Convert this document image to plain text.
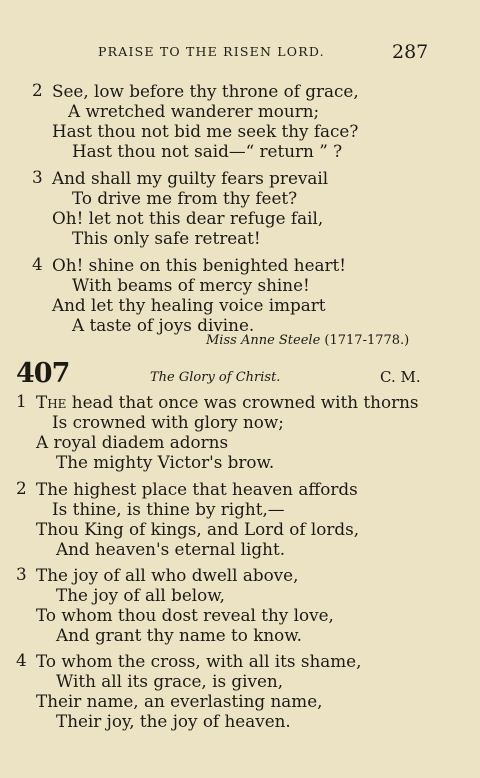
PRAISE TO THE RISEN LORD.	287
2 See, low before thy throne of grace,
A wretched wanderer mourn;
Hast thou not bid me seek thy face?
Hast thou not said—“ return ” ?
3 And shall my guilty fears prevail
To drive me from thy feet?
Oh! let not this dear refuge fail,
This only safe retreat!
4 Oh! shine on this benighted heart!
With beams of mercy shine!
And let thy healing voice impart
A taste of joys divine.
Miss Anne Steele (1717-1778.)
407	The Glory of Christ.	C. M.
1 The head that once was crowned with thorns
Is crowned with glory now;
A royal diadem adorns
The mighty Victor's brow.
2 The highest place that heaven affords
Is thine, is thine by right,—
Thou King of kings, and Lord of lords,
And heaven's eternal light.
3 The joy of all who dwell above,
The joy of all below,
To whom thou dost reveal thy love,
And grant thy name to know.
4 To whom the cross, with all its shame,
With all its grace, is given,
Their name, an everlasting name,
Their joy, the joy of heaven.
